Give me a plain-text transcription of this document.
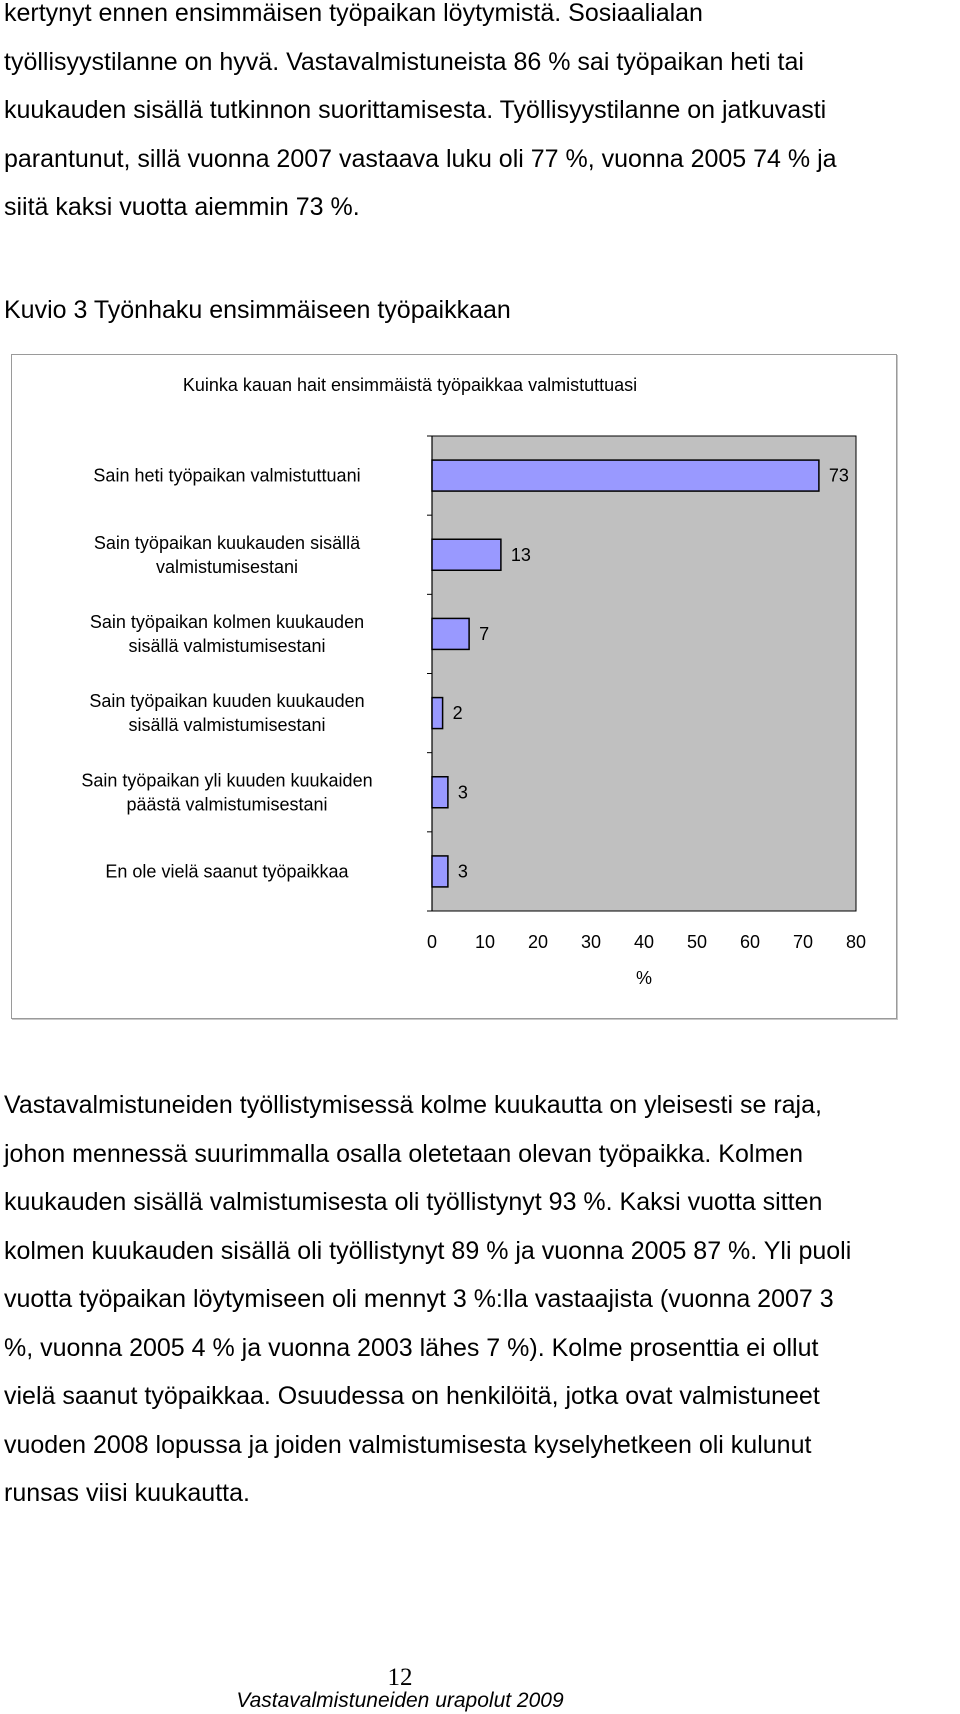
kertynyt ennen ensimmäisen työpaikan löytymistä. Sosiaalialan
työllisyystilanne on hyvä. Vastavalmistuneista 86 % sai työpaikan heti tai
kuukauden sisällä tutkinnon suorittamisesta. Työllisyystilanne on jatkuvasti
parantunut, sillä vuonna 2007 vastaava luku oli 77 %, vuonna 2005 74 % ja
siitä kaksi vuotta aiemmin 73 %.

Kuvio 3 Työnhaku ensimmäiseen työpaikkaan

Kuinka kauan hait ensimmäistä työpaikkaa valmistuttuasi
73
Sain heti työpaikan valmistuttuani
13
Sain työpaikan kuukauden sisällä
valmistumisestani
7
Sain työpaikan kolmen kuukauden
sisällä valmistumisestani
2
Sain työpaikan kuuden kuukauden
sisällä valmistumisestani
3
Sain työpaikan yli kuuden kuukaiden
päästä valmistumisestani
3
En ole vielä saanut työpaikkaa
0 10 20 30 40 50 60 70 80
%

Vastavalmistuneiden työllistymisessä kolme kuukautta on yleisesti se raja,
johon mennessä suurimmalla osalla oletetaan olevan työpaikka. Kolmen
kuukauden sisällä valmistumisesta oli työllistynyt 93 %. Kaksi vuotta sitten
kolmen kuukauden sisällä oli työllistynyt 89 % ja vuonna 2005 87 %. Yli puoli
vuotta työpaikan löytymiseen oli mennyt 3 %:lla vastaajista (vuonna 2007 3
%, vuonna 2005 4 % ja vuonna 2003 lähes 7 %). Kolme prosenttia ei ollut
vielä saanut työpaikkaa. Osuudessa on henkilöitä, jotka ovat valmistuneet
vuoden 2008 lopussa ja joiden valmistumisesta kyselyhetkeen oli kulunut
runsas viisi kuukautta.

12
Vastavalmistuneiden urapolut 2009
